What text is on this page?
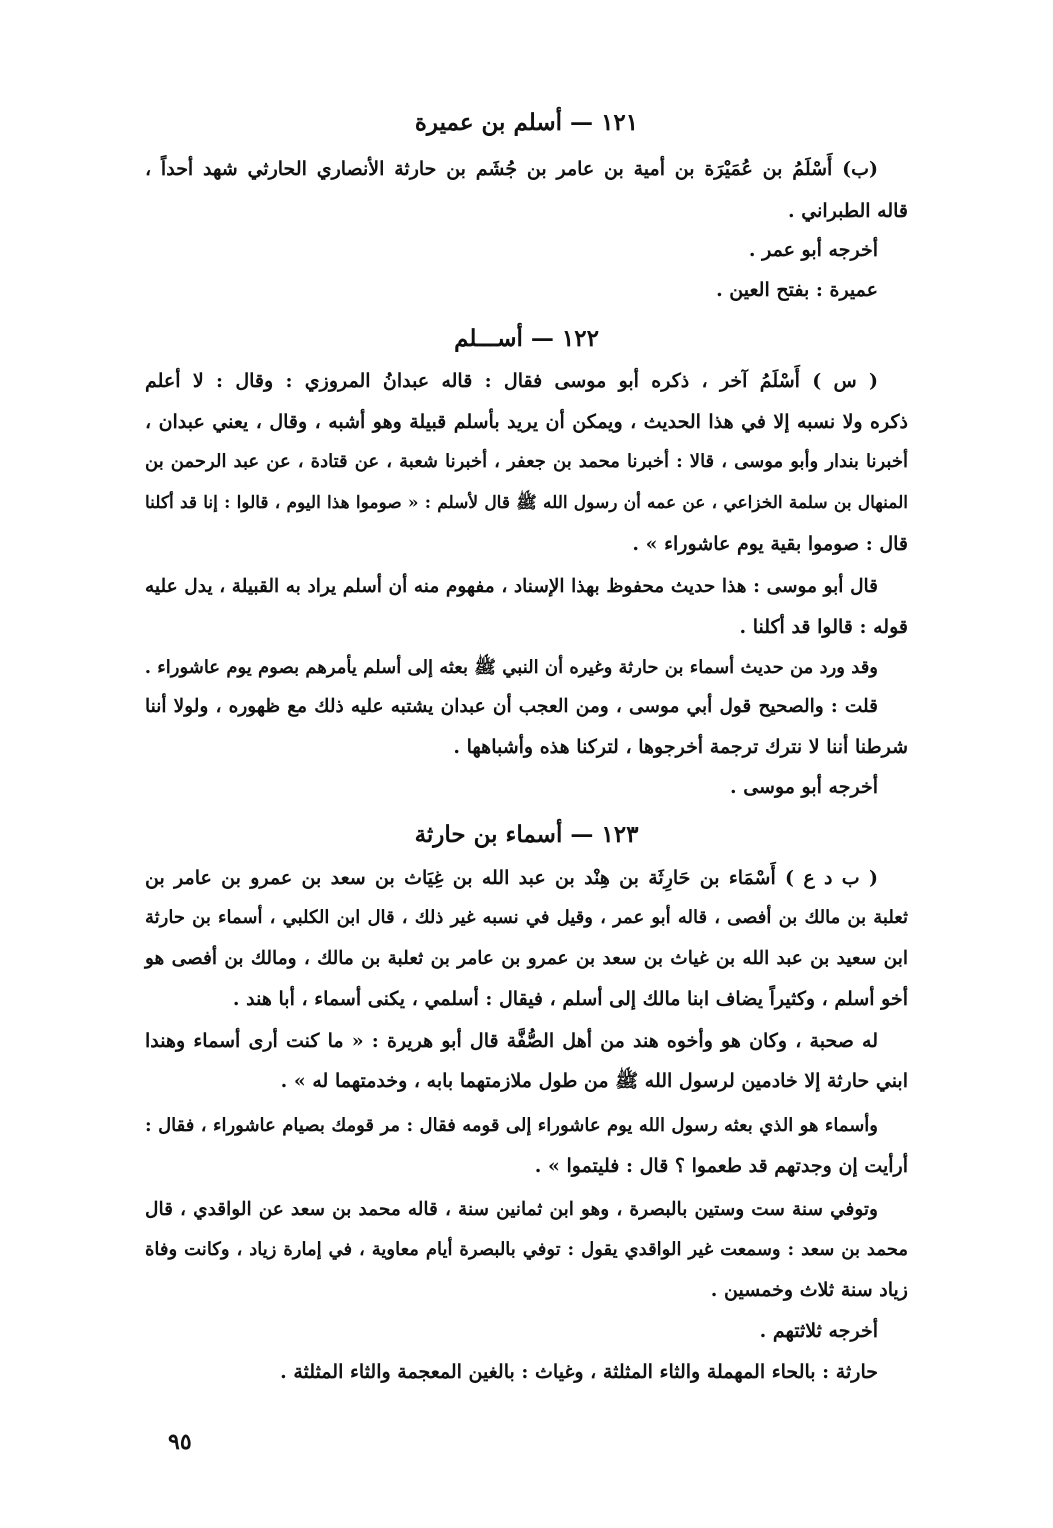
١٢١ — أسلم بن عميرة
(ب) أَسْلَمُ بن عُمَيْرَة بن أمية بن عامر بن جُشَم بن حارثة الأنصاري الحارثي شهد أحداً ،
قاله الطبراني .
أخرجه أبو عمر .
عميرة : بفتح العين .
١٢٢ — أســـلم
( س ) أَسْلَمُ آخر ، ذكره أبو موسى فقال : قاله عبدانُ المروزي : وقال : لا أعلم
ذكره ولا نسبه إلا في هذا الحديث ، ويمكن أن يريد بأسلم قبيلة وهو أشبه ، وقال ، يعني عبدان ،
أخبرنا بندار وأبو موسى ، قالا : أخبرنا محمد بن جعفر ، أخبرنا شعبة ، عن قتادة ، عن عبد الرحمن بن
المنهال بن سلمة الخزاعي ، عن عمه أن رسول الله ﷺ قال لأسلم : « صوموا هذا اليوم ، قالوا : إنا قد أكلنا
قال : صوموا بقية يوم عاشوراء » .
قال أبو موسى : هذا حديث محفوظ بهذا الإسناد ، مفهوم منه أن أسلم يراد به القبيلة ، يدل عليه
قوله : قالوا قد أكلنا .
وقد ورد من حديث أسماء بن حارثة وغيره أن النبي ﷺ بعثه إلى أسلم يأمرهم بصوم يوم عاشوراء .
قلت : والصحيح قول أبي موسى ، ومن العجب أن عبدان يشتبه عليه ذلك مع ظهوره ، ولولا أننا
شرطنا أننا لا نترك ترجمة أخرجوها ، لتركنا هذه وأشباهها .
أخرجه أبو موسى .
١٢٣ — أسماء بن حارثة
( ب د ع ) أَسْمَاء بن حَارِثَة بن هِنْد بن عبد الله بن غِيَاث بن سعد بن عمرو بن عامر بن
ثعلبة بن مالك بن أفصى ، قاله أبو عمر ، وقيل في نسبه غير ذلك ، قال ابن الكلبي ، أسماء بن حارثة
ابن سعيد بن عبد الله بن غياث بن سعد بن عمرو بن عامر بن ثعلبة بن مالك ، ومالك بن أفصى هو
أخو أسلم ، وكثيراً يضاف ابنا مالك إلى أسلم ، فيقال : أسلمي ، يكنى أسماء ، أبا هند .
له صحبة ، وكان هو وأخوه هند من أهل الصُّفَّة قال أبو هريرة : « ما كنت أرى أسماء وهندا
ابني حارثة إلا خادمين لرسول الله ﷺ من طول ملازمتهما بابه ، وخدمتهما له » .
وأسماء هو الذي بعثه رسول الله يوم عاشوراء إلى قومه فقال : مر قومك بصيام عاشوراء ، فقال :
أرأيت إن وجدتهم قد طعموا ؟ قال : فليتموا » .
وتوفي سنة ست وستين بالبصرة ، وهو ابن ثمانين سنة ، قاله محمد بن سعد عن الواقدي ، قال
محمد بن سعد : وسمعت غير الواقدي يقول : توفي بالبصرة أيام معاوية ، في إمارة زياد ، وكانت وفاة
زياد سنة ثلاث وخمسين .
أخرجه ثلاثتهم .
حارثة : بالحاء المهملة والثاء المثلثة ، وغياث : بالغين المعجمة والثاء المثلثة .
٩٥
